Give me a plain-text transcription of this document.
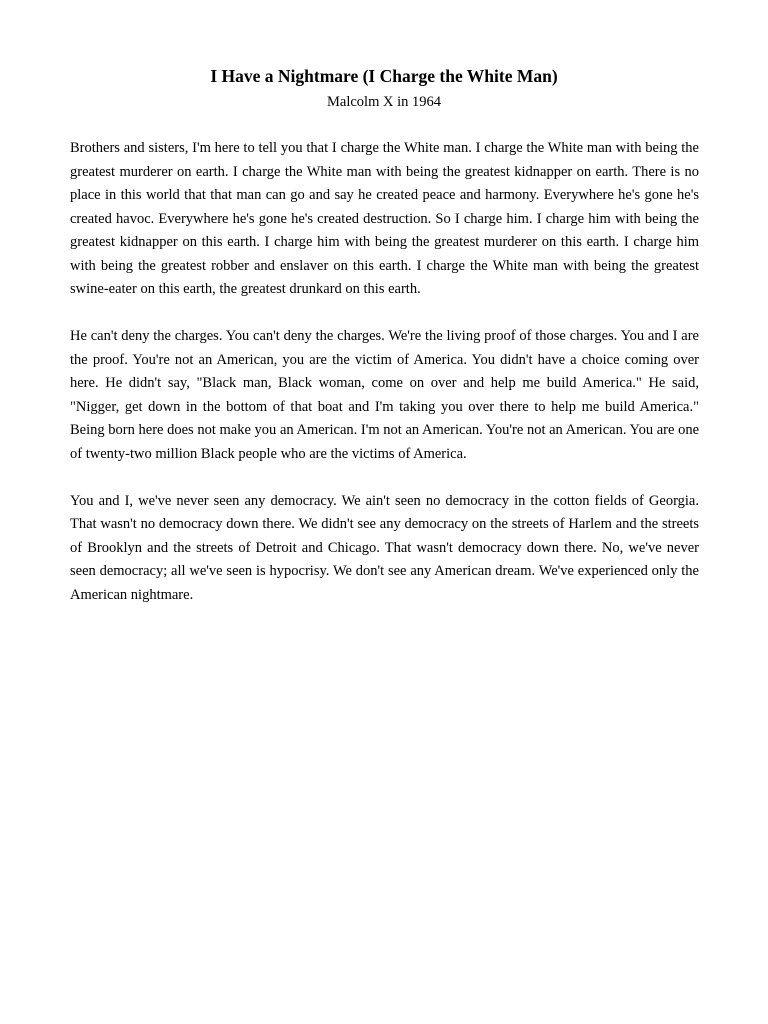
I Have a Nightmare (I Charge the White Man)
Malcolm X in 1964

Brothers and sisters, I'm here to tell you that I charge the White man. I charge the White man with being the greatest murderer on earth. I charge the White man with being the greatest kidnapper on earth. There is no place in this world that that man can go and say he created peace and harmony. Everywhere he's gone he's created havoc. Everywhere he's gone he's created destruction. So I charge him. I charge him with being the greatest kidnapper on this earth. I charge him with being the greatest murderer on this earth. I charge him with being the greatest robber and enslaver on this earth. I charge the White man with being the greatest swine-eater on this earth, the greatest drunkard on this earth.

He can't deny the charges. You can't deny the charges. We're the living proof of those charges. You and I are the proof. You're not an American, you are the victim of America. You didn't have a choice coming over here. He didn't say, "Black man, Black woman, come on over and help me build America." He said, "Nigger, get down in the bottom of that boat and I'm taking you over there to help me build America." Being born here does not make you an American. I'm not an American. You're not an American. You are one of twenty-two million Black people who are the victims of America.

You and I, we've never seen any democracy. We ain't seen no democracy in the cotton fields of Georgia. That wasn't no democracy down there. We didn't see any democracy on the streets of Harlem and the streets of Brooklyn and the streets of Detroit and Chicago. That wasn't democracy down there. No, we've never seen democracy; all we've seen is hypocrisy. We don't see any American dream. We've experienced only the American nightmare.
